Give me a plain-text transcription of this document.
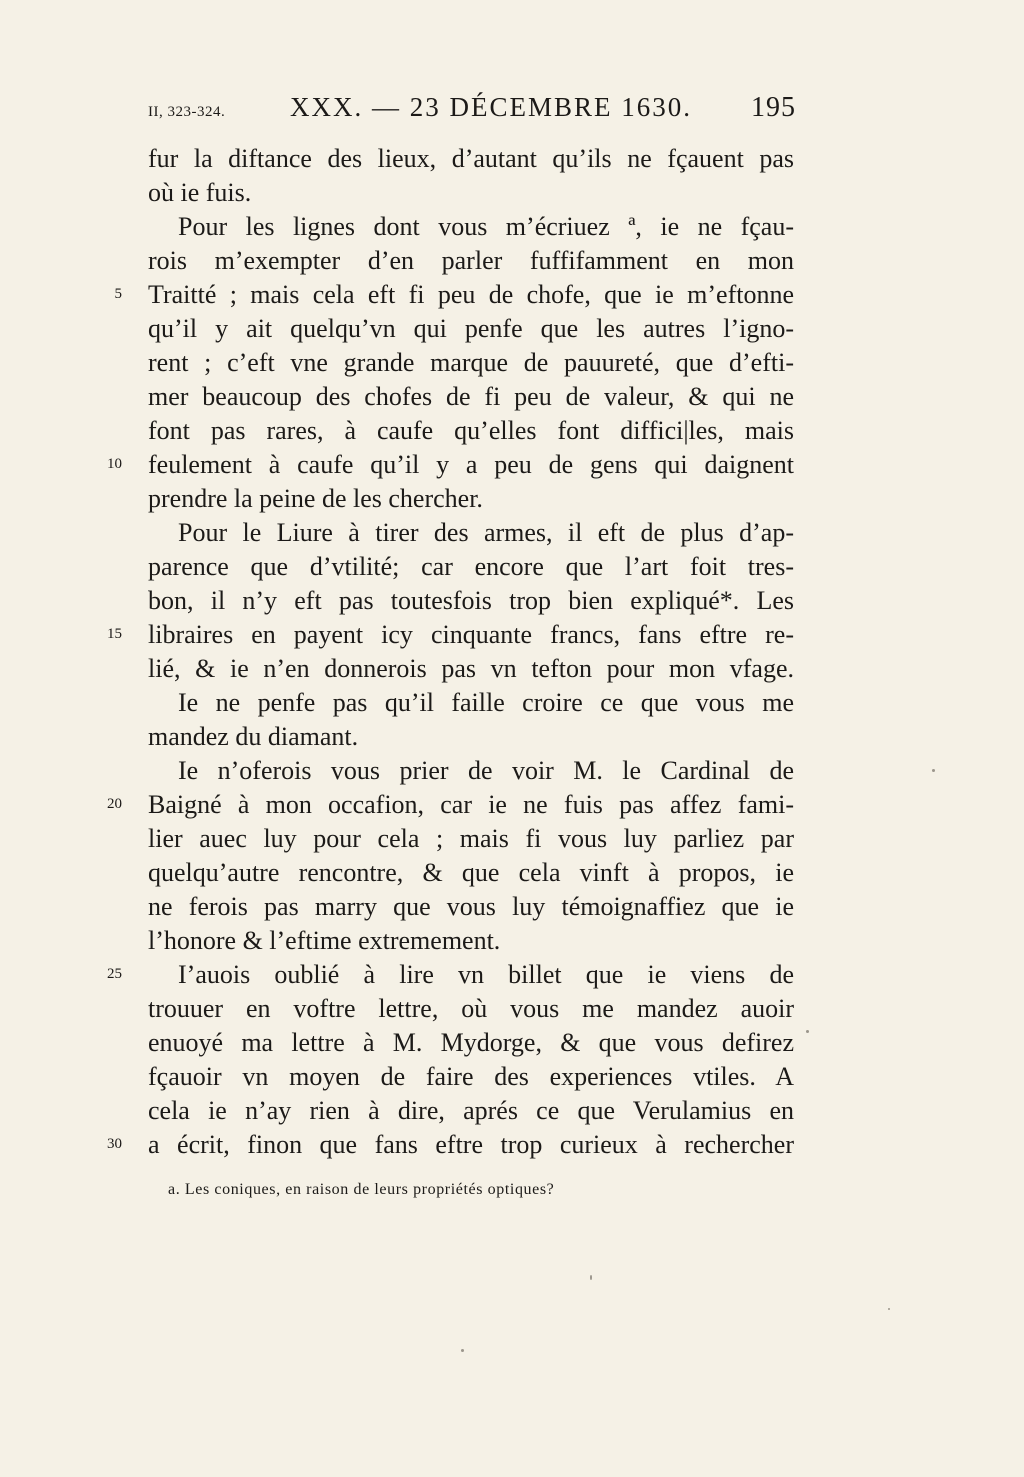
II, 323-324. XXX. — 23 DÉCEMBRE 1630. 195
fur la diftance des lieux, d’autant qu’ils ne fçauent pas
où ie fuis.
Pour les lignes dont vous m’écriuez ª, ie ne fçau-
rois m’exempter d’en parler fuffifamment en mon
5 Traitté ; mais cela eft fi peu de chofe, que ie m’eftonne
qu’il y ait quelqu’vn qui penfe que les autres l’igno-
rent ; c’eft vne grande marque de pauureté, que d’efti-
mer beaucoup des chofes de fi peu de valeur, & qui ne
font pas rares, à caufe qu’elles font diffici|les, mais
10 feulement à caufe qu’il y a peu de gens qui daignent
prendre la peine de les chercher.
Pour le Liure à tirer des armes, il eft de plus d’ap-
parence que d’vtilité; car encore que l’art foit tres-
bon, il n’y eft pas toutesfois trop bien expliqué*. Les
15 libraires en payent icy cinquante francs, fans eftre re-
lié, & ie n’en donnerois pas vn tefton pour mon vfage.
Ie ne penfe pas qu’il faille croire ce que vous me
mandez du diamant.
Ie n’oferois vous prier de voir M. le Cardinal de
20 Baigné à mon occafion, car ie ne fuis pas affez fami-
lier auec luy pour cela ; mais fi vous luy parliez par
quelqu’autre rencontre, & que cela vinft à propos, ie
ne ferois pas marry que vous luy témoignaffiez que ie
l’honore & l’eftime extremement.
25 I’auois oublié à lire vn billet que ie viens de
trouuer en voftre lettre, où vous me mandez auoir
enuoyé ma lettre à M. Mydorge, & que vous defirez
fçauoir vn moyen de faire des experiences vtiles. A
cela ie n’ay rien à dire, aprés ce que Verulamius en
30 a écrit, finon que fans eftre trop curieux à rechercher
a. Les coniques, en raison de leurs propriétés optiques?
